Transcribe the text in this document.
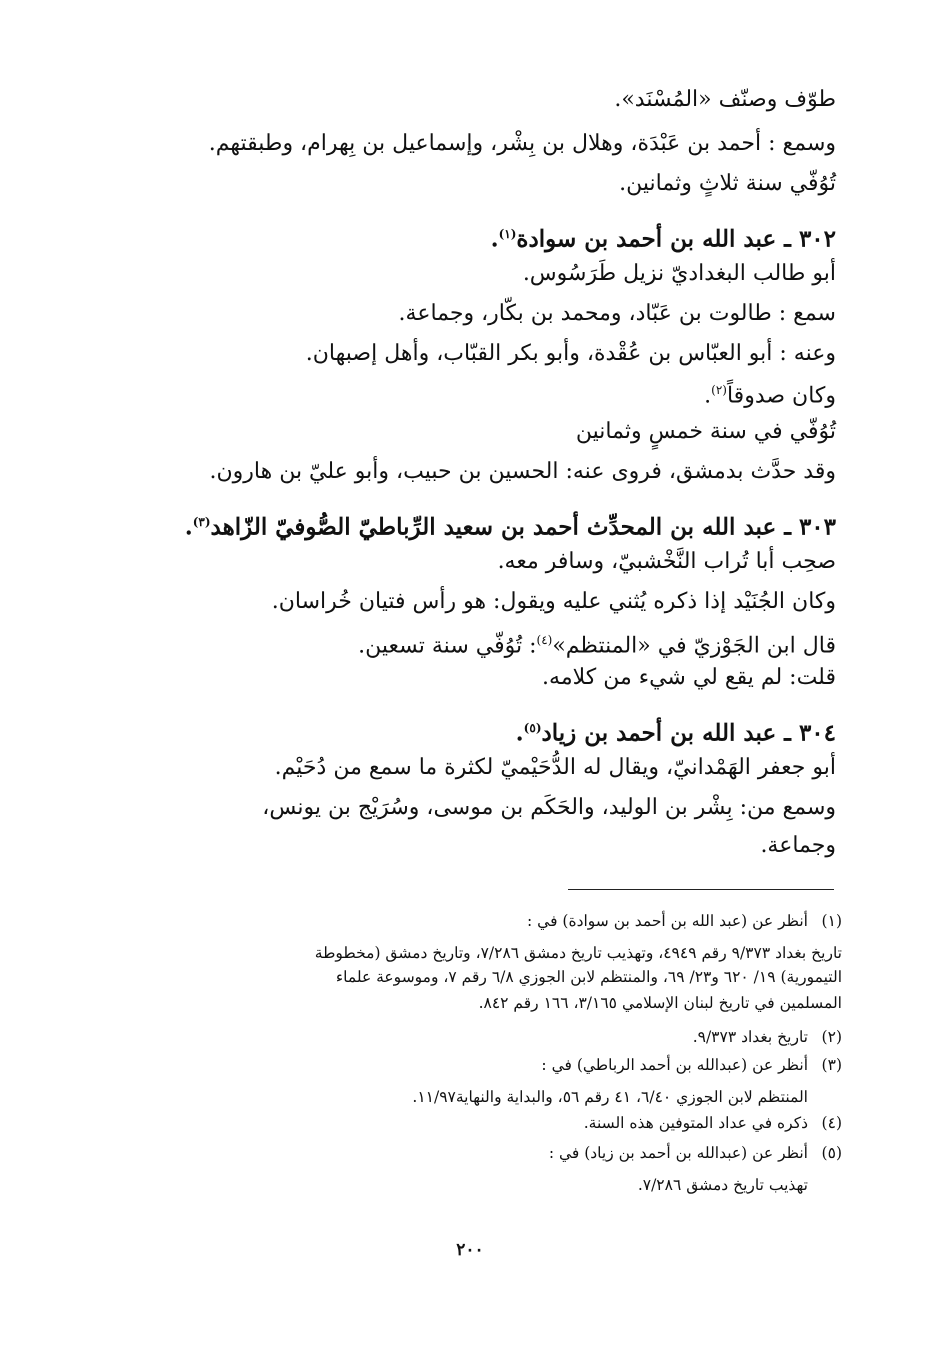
طوّف وصنّف «المُسْنَد».
وسمع : أحمد بن عَبْدَة، وهلال بن بِشْر، وإسماعيل بن بِهرام، وطبقتهم.
تُوُفّي سنة ثلاثٍ وثمانين.
٣٠٢ ـ عبد الله بن أحمد بن سوادة$^{(١)}$.
أبو طالب البغداديّ نزيل طَرَسُوس.
سمع : طالوت بن عَبّاد، ومحمد بن بكّار، وجماعة.
وعنه : أبو العبّاس بن عُقْدة، وأبو بكر القبّاب، وأهل إصبهان.
وكان صدوقاً$^{(٢)}$.
تُوُفّي في سنة خمسٍ وثمانين
وقد حدَّث بدمشق، فروى عنه: الحسين بن حبيب، وأبو عليّ بن هارون.
٣٠٣ ـ عبد الله بن المحدِّث أحمد بن سعيد الرِّباطيّ الصُّوفيّ الزّاهد$^{(٣)}$.
صحِب أبا تُراب النَّخْشبيّ، وسافر معه.
وكان الجُنَيْد إذا ذكره يُثني عليه ويقول: هو رأس فتيان خُراسان.
قال ابن الجَوْزيّ في «المنتظم»$^{(٤)}$: تُوُفّي سنة تسعين.
قلت: لم يقع لي شيء من كلامه.
٣٠٤ ـ عبد الله بن أحمد بن زياد$^{(٥)}$.
أبو جعفر الهَمْدانيّ، ويقال له الدُّحَيْميّ لكثرة ما سمع من دُحَيْم.
وسمع من: بِشْر بن الوليد، والحَكَم بن موسى، وسُرَيْج بن يونس،
وجماعة.
(١)أنظر عن (عبد الله بن أحمد بن سوادة) في :
تاريخ بغداد ٩/٣٧٣ رقم ٤٩٤٩، وتهذيب تاريخ دمشق ٧/٢٨٦، وتاريخ دمشق (مخطوطة
التيمورية) ١٩/ ٦٢٠ و٢٣/ ٦٩، والمنتظم لابن الجوزي ٦/٨ رقم ٧، وموسوعة علماء
المسلمين في تاريخ لبنان الإسلامي ٣/١٦٥، ١٦٦ رقم ٨٤٢.
(٢)تاريخ بغداد ٩/٣٧٣.
(٣)أنظر عن (عبدالله بن أحمد الرباطي) في :
المنتظم لابن الجوزي ٦/٤٠، ٤١ رقم ٥٦، والبداية والنهاية١١/٩٧.
(٤)ذكره في عداد المتوفين هذه السنة.
(٥)أنظر عن (عبدالله بن أحمد بن زياد) في :
تهذيب تاريخ دمشق ٧/٢٨٦.
٢٠٠
